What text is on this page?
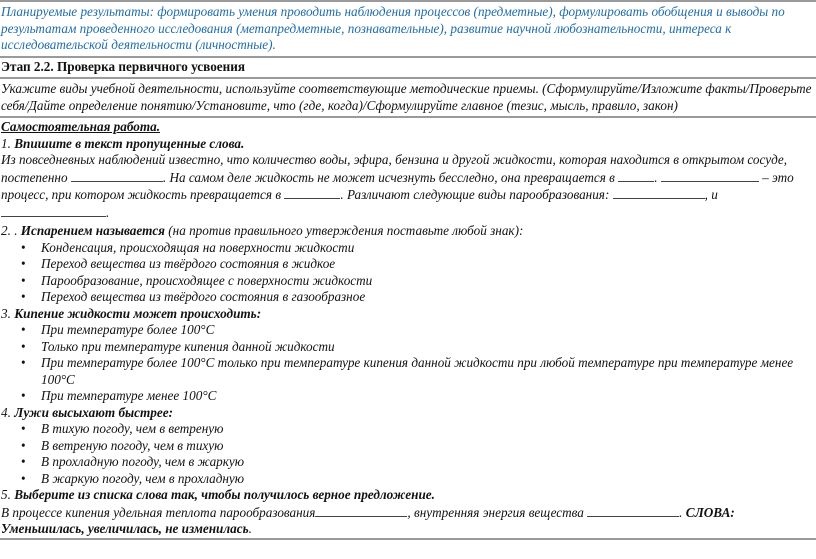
Планируемые результаты: формировать умения проводить наблюдения процессов (предметные), формулировать обобщения и выводы по результатам проведенного исследования (метапредметные, познавательные), развитие научной любознательности, интереса к исследовательской деятельности (личностные).
Этап 2.2. Проверка первичного усвоения
Укажите виды учебной деятельности, используйте соответствующие методические приемы. (Сформулируйте/Изложите факты/Проверьте себя/Дайте определение понятию/Установите, что (где, когда)/Сформулируйте главное (тезис, мысль, правило, закон)
Самостоятельная работа.
1. Впишите в текст пропущенные слова.
Из повседневных наблюдений известно, что количество воды, эфира, бензина и другой жидкости, которая находится в открытом сосуде, постепенно	. На самом деле жидкость не может исчезнуть бесследно, она превращается в	.	– это процесс, при котором жидкость превращается в	. Различают следующие виды парообразования:	, и
.
2. . Испарением называется (на против правильного утверждения поставьте любой знак):
• Конденсация, происходящая на поверхности жидкости
• Переход вещества из твёрдого состояния в жидкое
• Парообразование, происходящее с поверхности жидкости
• Переход вещества из твёрдого состояния в газообразное
3. Кипение жидкости может происходить:
• При температуре более 100°C
• Только при температуре кипения данной жидкости
• При температуре более 100°C только при температуре кипения данной жидкости при любой температуре при температуре менее 100°C
• При температуре менее 100°C
4. Лужи высыхают быстрее:
• В тихую погоду, чем в ветреную
• В ветреную погоду, чем в тихую
• В прохладную погоду, чем в жаркую
• В жаркую погоду, чем в прохладную
5. Выберите из списка слова так, чтобы получилось верное предложение.
В процессе кипения удельная теплота парообразования	, внутренняя энергия вещества	. СЛОВА:
Уменьшилась, увеличилась, не изменилась.
